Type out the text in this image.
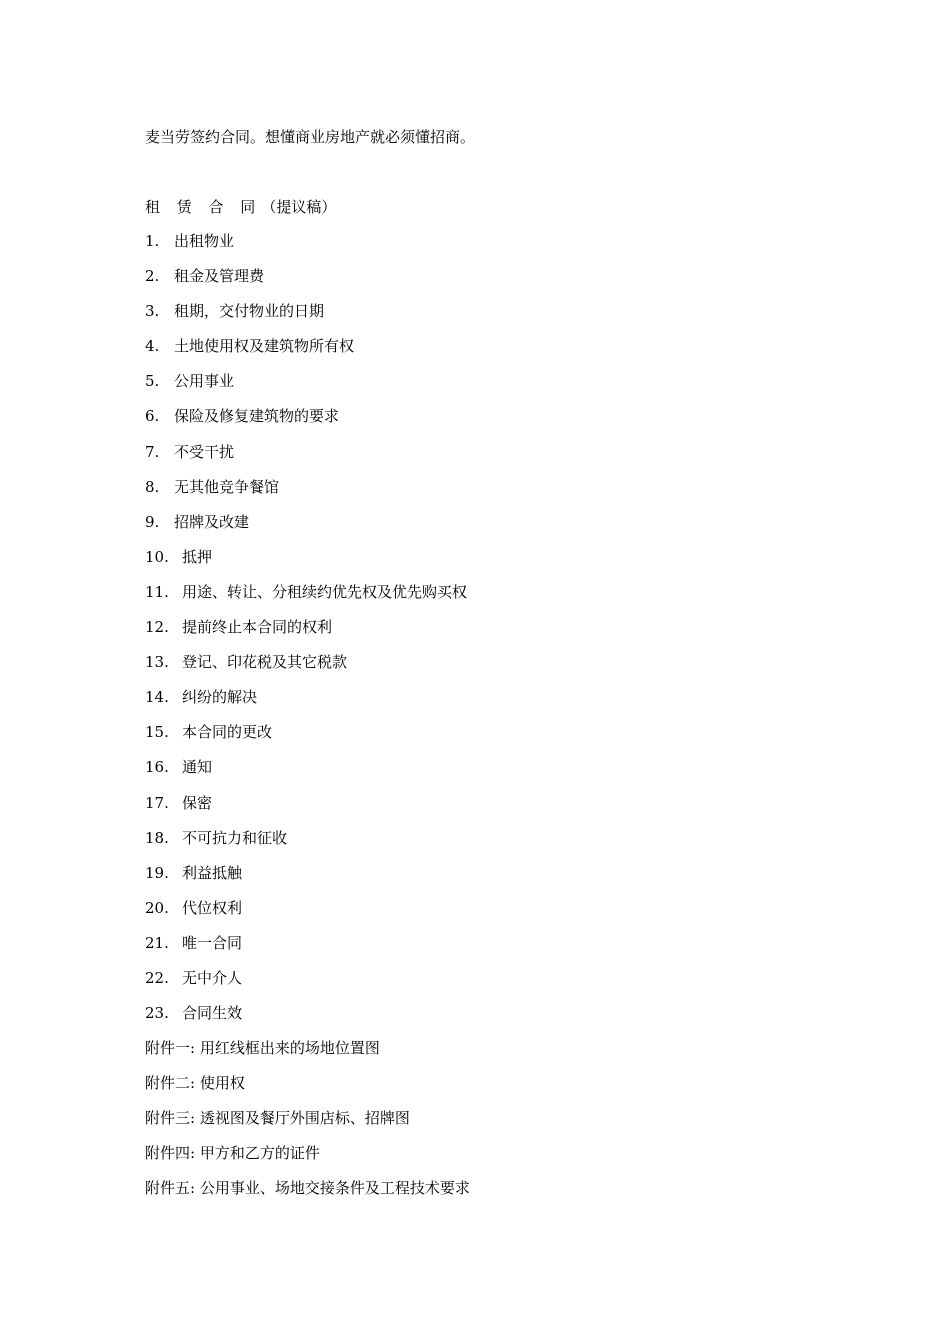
麦当劳签约合同。想懂商业房地产就必须懂招商。
租 赁 合 同（提议稿）
1. 出租物业
2. 租金及管理费
3. 租期，交付物业的日期
4. 土地使用权及建筑物所有权
5. 公用事业
6. 保险及修复建筑物的要求
7. 不受干扰
8. 无其他竞争餐馆
9. 招牌及改建
10. 抵押
11. 用途、转让、分租续约优先权及优先购买权
12. 提前终止本合同的权利
13. 登记、印花税及其它税款
14. 纠纷的解决
15. 本合同的更改
16. 通知
17. 保密
18. 不可抗力和征收
19. 利益抵触
20. 代位权利
21. 唯一合同
22. 无中介人
23. 合同生效
附件一: 用红线框出来的场地位置图
附件二: 使用权
附件三: 透视图及餐厅外围店标、招牌图
附件四: 甲方和乙方的证件
附件五: 公用事业、场地交接条件及工程技术要求
